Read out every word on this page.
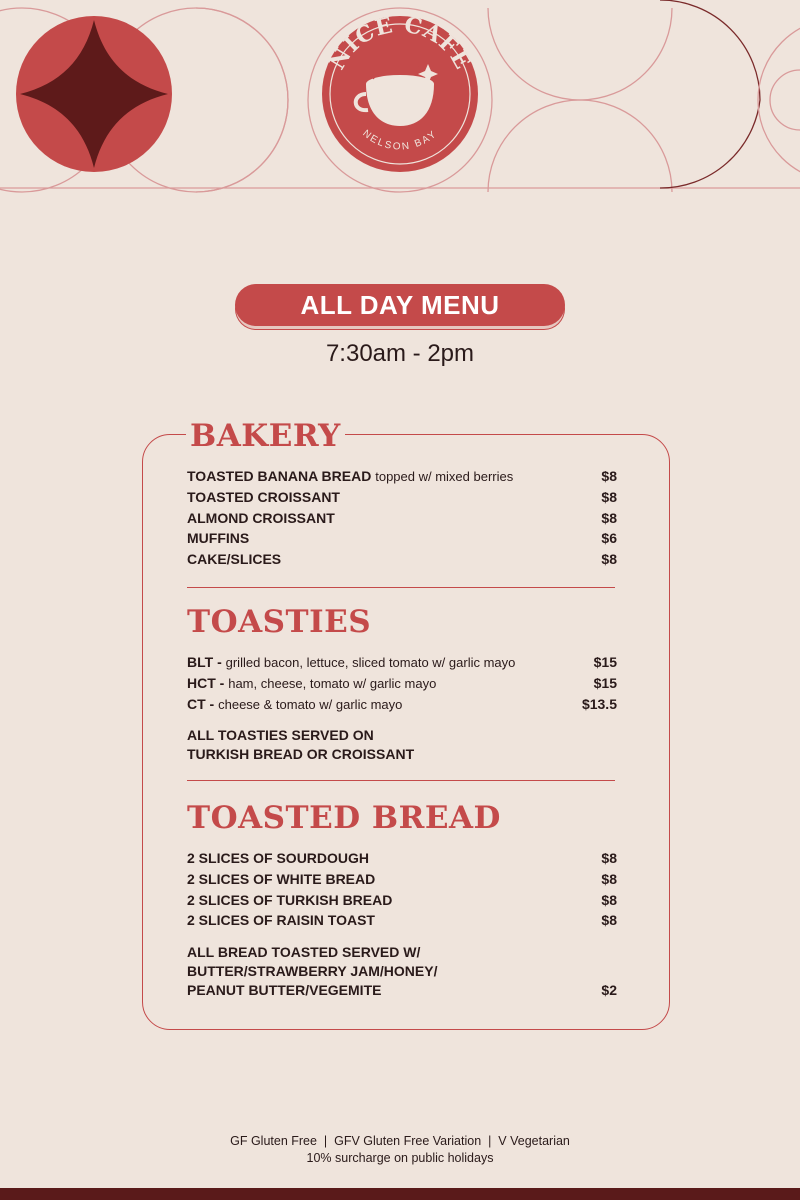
NICE CAFE
NELSON BAY
ALL DAY MENU
7:30am - 2pm
BAKERY
TOASTED BANANA BREAD topped w/ mixed berries	$8
TOASTED CROISSANT	$8
ALMOND CROISSANT	$8
MUFFINS	$6
CAKE/SLICES	$8
TOASTIES
BLT - grilled bacon, lettuce, sliced tomato w/ garlic mayo	$15
HCT - ham, cheese, tomato w/ garlic mayo	$15
CT - cheese & tomato w/ garlic mayo	$13.5
ALL TOASTIES SERVED ON
TURKISH BREAD OR CROISSANT
TOASTED BREAD
2 SLICES OF SOURDOUGH	$8
2 SLICES OF WHITE BREAD	$8
2 SLICES OF TURKISH BREAD	$8
2 SLICES OF RAISIN TOAST	$8
ALL BREAD TOASTED SERVED W/
BUTTER/STRAWBERRY JAM/HONEY/
PEANUT BUTTER/VEGEMITE	$2
GF Gluten Free  |  GFV Gluten Free Variation  |  V Vegetarian
10% surcharge on public holidays
